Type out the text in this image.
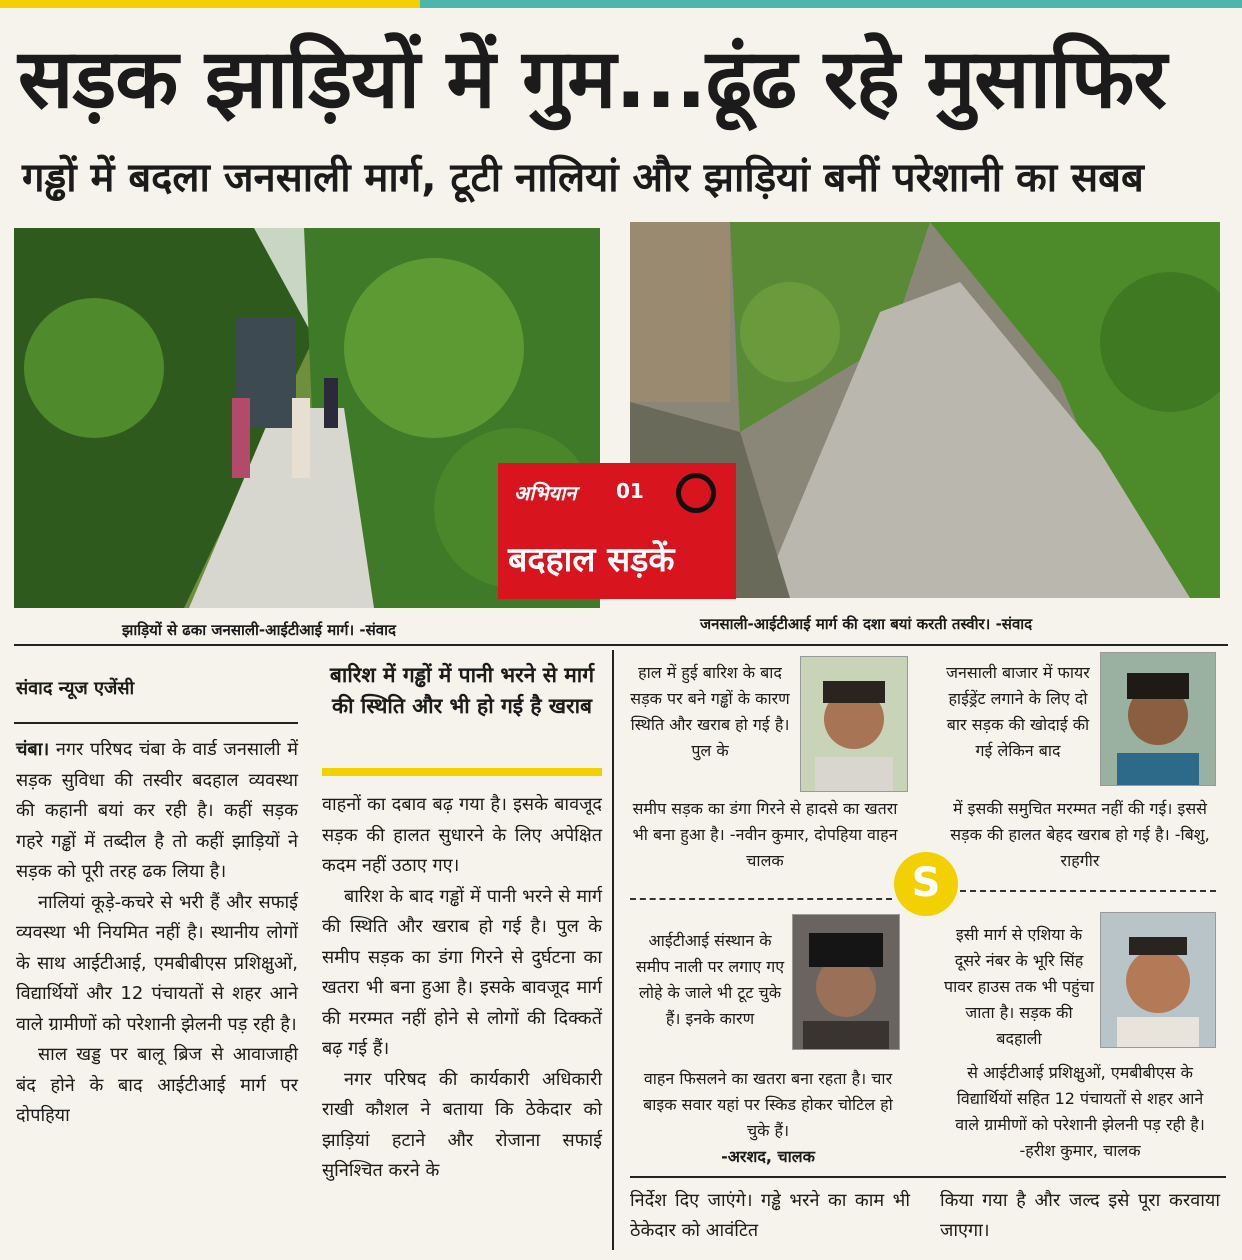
सड़क झाड़ियों में गुम...ढूंढ रहे मुसाफिर
गड्ढों में बदला जनसाली मार्ग, टूटी नालियां और झाड़ियां बनीं परेशानी का सबब
अभियान 01
बदहाल सड़कें
झाड़ियों से ढका जनसाली-आईटीआई मार्ग। -संवाद	जनसाली-आईटीआई मार्ग की दशा बयां करती तस्वीर। -संवाद
संवाद न्यूज एजेंसी

चंबा। नगर परिषद चंबा के वार्ड जनसाली में सड़क सुविधा की तस्वीर बदहाल व्यवस्था की कहानी बयां कर रही है। कहीं सड़क गहरे गड्ढों में तब्दील है तो कहीं झाड़ियों ने सड़क को पूरी तरह ढक लिया है।

नालियां कूड़े-कचरे से भरी हैं और सफाई व्यवस्था भी नियमित नहीं है। स्थानीय लोगों के साथ आईटीआई, एमबीबीएस प्रशिक्षुओं, विद्यार्थियों और 12 पंचायतों से शहर आने वाले ग्रामीणों को परेशानी झेलनी पड़ रही है।

साल खड्ड पर बालू ब्रिज से आवाजाही बंद होने के बाद आईटीआई मार्ग पर दोपहिया

बारिश में गड्ढों में पानी भरने से मार्ग की स्थिति और भी हो गई है खराब

वाहनों का दबाव बढ़ गया है। इसके बावजूद सड़क की हालत सुधारने के लिए अपेक्षित कदम नहीं उठाए गए।

बारिश के बाद गड्ढों में पानी भरने से मार्ग की स्थिति और खराब हो गई है। पुल के समीप सड़क का डंगा गिरने से दुर्घटना का खतरा भी बना हुआ है। इसके बावजूद मार्ग की मरम्मत नहीं होने से लोगों की दिक्कतें बढ़ गई हैं।

नगर परिषद की कार्यकारी अधिकारी राखी कौशल ने बताया कि ठेकेदार को झाड़ियां हटाने और रोजाना सफाई सुनिश्चित करने के

हाल में हुई बारिश के बाद सड़क पर बने गड्ढों के कारण स्थिति और खराब हो गई है। पुल के
समीप सड़क का डंगा गिरने से हादसे का खतरा भी बना हुआ है। -नवीन कुमार, दोपहिया वाहन चालक
जनसाली बाजार में फायर हाईड्रेंट लगाने के लिए दो बार सड़क की खोदाई की गई लेकिन बाद
में इसकी समुचित मरम्मत नहीं की गई। इससे सड़क की हालत बेहद खराब हो गई है। -बिशु, राहगीर
S
आईटीआई संस्थान के समीप नाली पर लगाए गए लोहे के जाले भी टूट चुके हैं। इनके कारण
वाहन फिसलने का खतरा बना रहता है। चार बाइक सवार यहां पर स्किड होकर चोटिल हो चुके हैं।
-अरशद, चालक
इसी मार्ग से एशिया के दूसरे नंबर के भूरि सिंह पावर हाउस तक भी पहुंचा जाता है। सड़क की बदहाली
से आईटीआई प्रशिक्षुओं, एमबीबीएस के विद्यार्थियों सहित 12 पंचायतों से शहर आने वाले ग्रामीणों को परेशानी झेलनी पड़ रही है। -हरीश कुमार, चालक
निर्देश दिए जाएंगे। गड्ढे भरने का काम भी ठेकेदार को आवंटित
किया गया है और जल्द इसे पूरा करवाया जाएगा।
